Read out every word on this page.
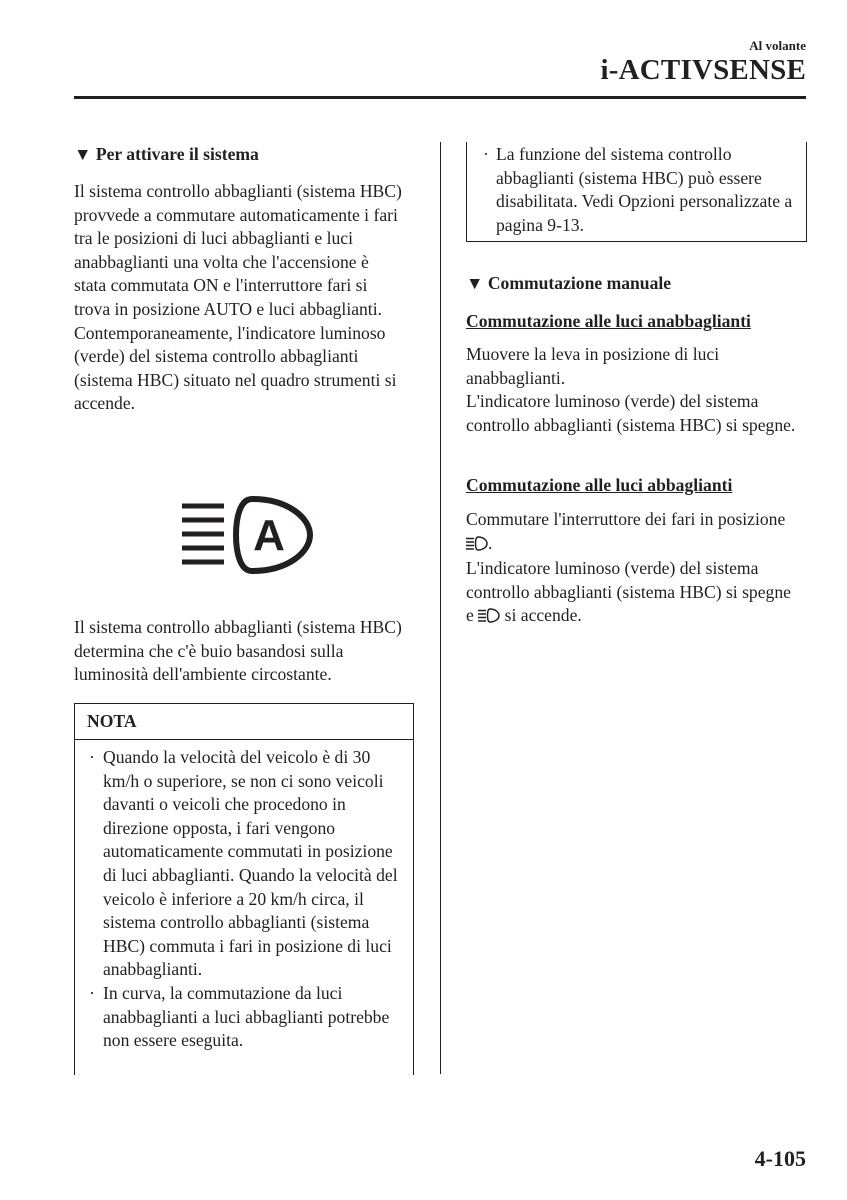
Al volante
i-ACTIVSENSE
▼ Per attivare il sistema

Il sistema controllo abbaglianti (sistema HBC) provvede a commutare automaticamente i fari tra le posizioni di luci abbaglianti e luci anabbaglianti una volta che l'accensione è stata commutata ON e l'interruttore fari si trova in posizione AUTO e luci abbaglianti. Contemporaneamente, l'indicatore luminoso (verde) del sistema controllo abbaglianti (sistema HBC) situato nel quadro strumenti si accende.

A

Il sistema controllo abbaglianti (sistema HBC) determina che c'è buio basandosi sulla luminosità dell'ambiente circostante.

NOTA
· Quando la velocità del veicolo è di 30 km/h o superiore, se non ci sono veicoli davanti o veicoli che procedono in direzione opposta, i fari vengono automaticamente commutati in posizione di luci abbaglianti. Quando la velocità del veicolo è inferiore a 20 km/h circa, il sistema controllo abbaglianti (sistema HBC) commuta i fari in posizione di luci anabbaglianti.
· In curva, la commutazione da luci anabbaglianti a luci abbaglianti potrebbe non essere eseguita.
· La funzione del sistema controllo abbaglianti (sistema HBC) può essere disabilitata. Vedi Opzioni personalizzate a pagina 9-13.
▼ Commutazione manuale
Commutazione alle luci anabbaglianti

Muovere la leva in posizione di luci anabbaglianti.

L'indicatore luminoso (verde) del sistema controllo abbaglianti (sistema HBC) si spegne.

Commutazione alle luci abbaglianti

Commutare l'interruttore dei fari in posizione .

L'indicatore luminoso (verde) del sistema controllo abbaglianti (sistema HBC) si spegne e si accende.

4-105
